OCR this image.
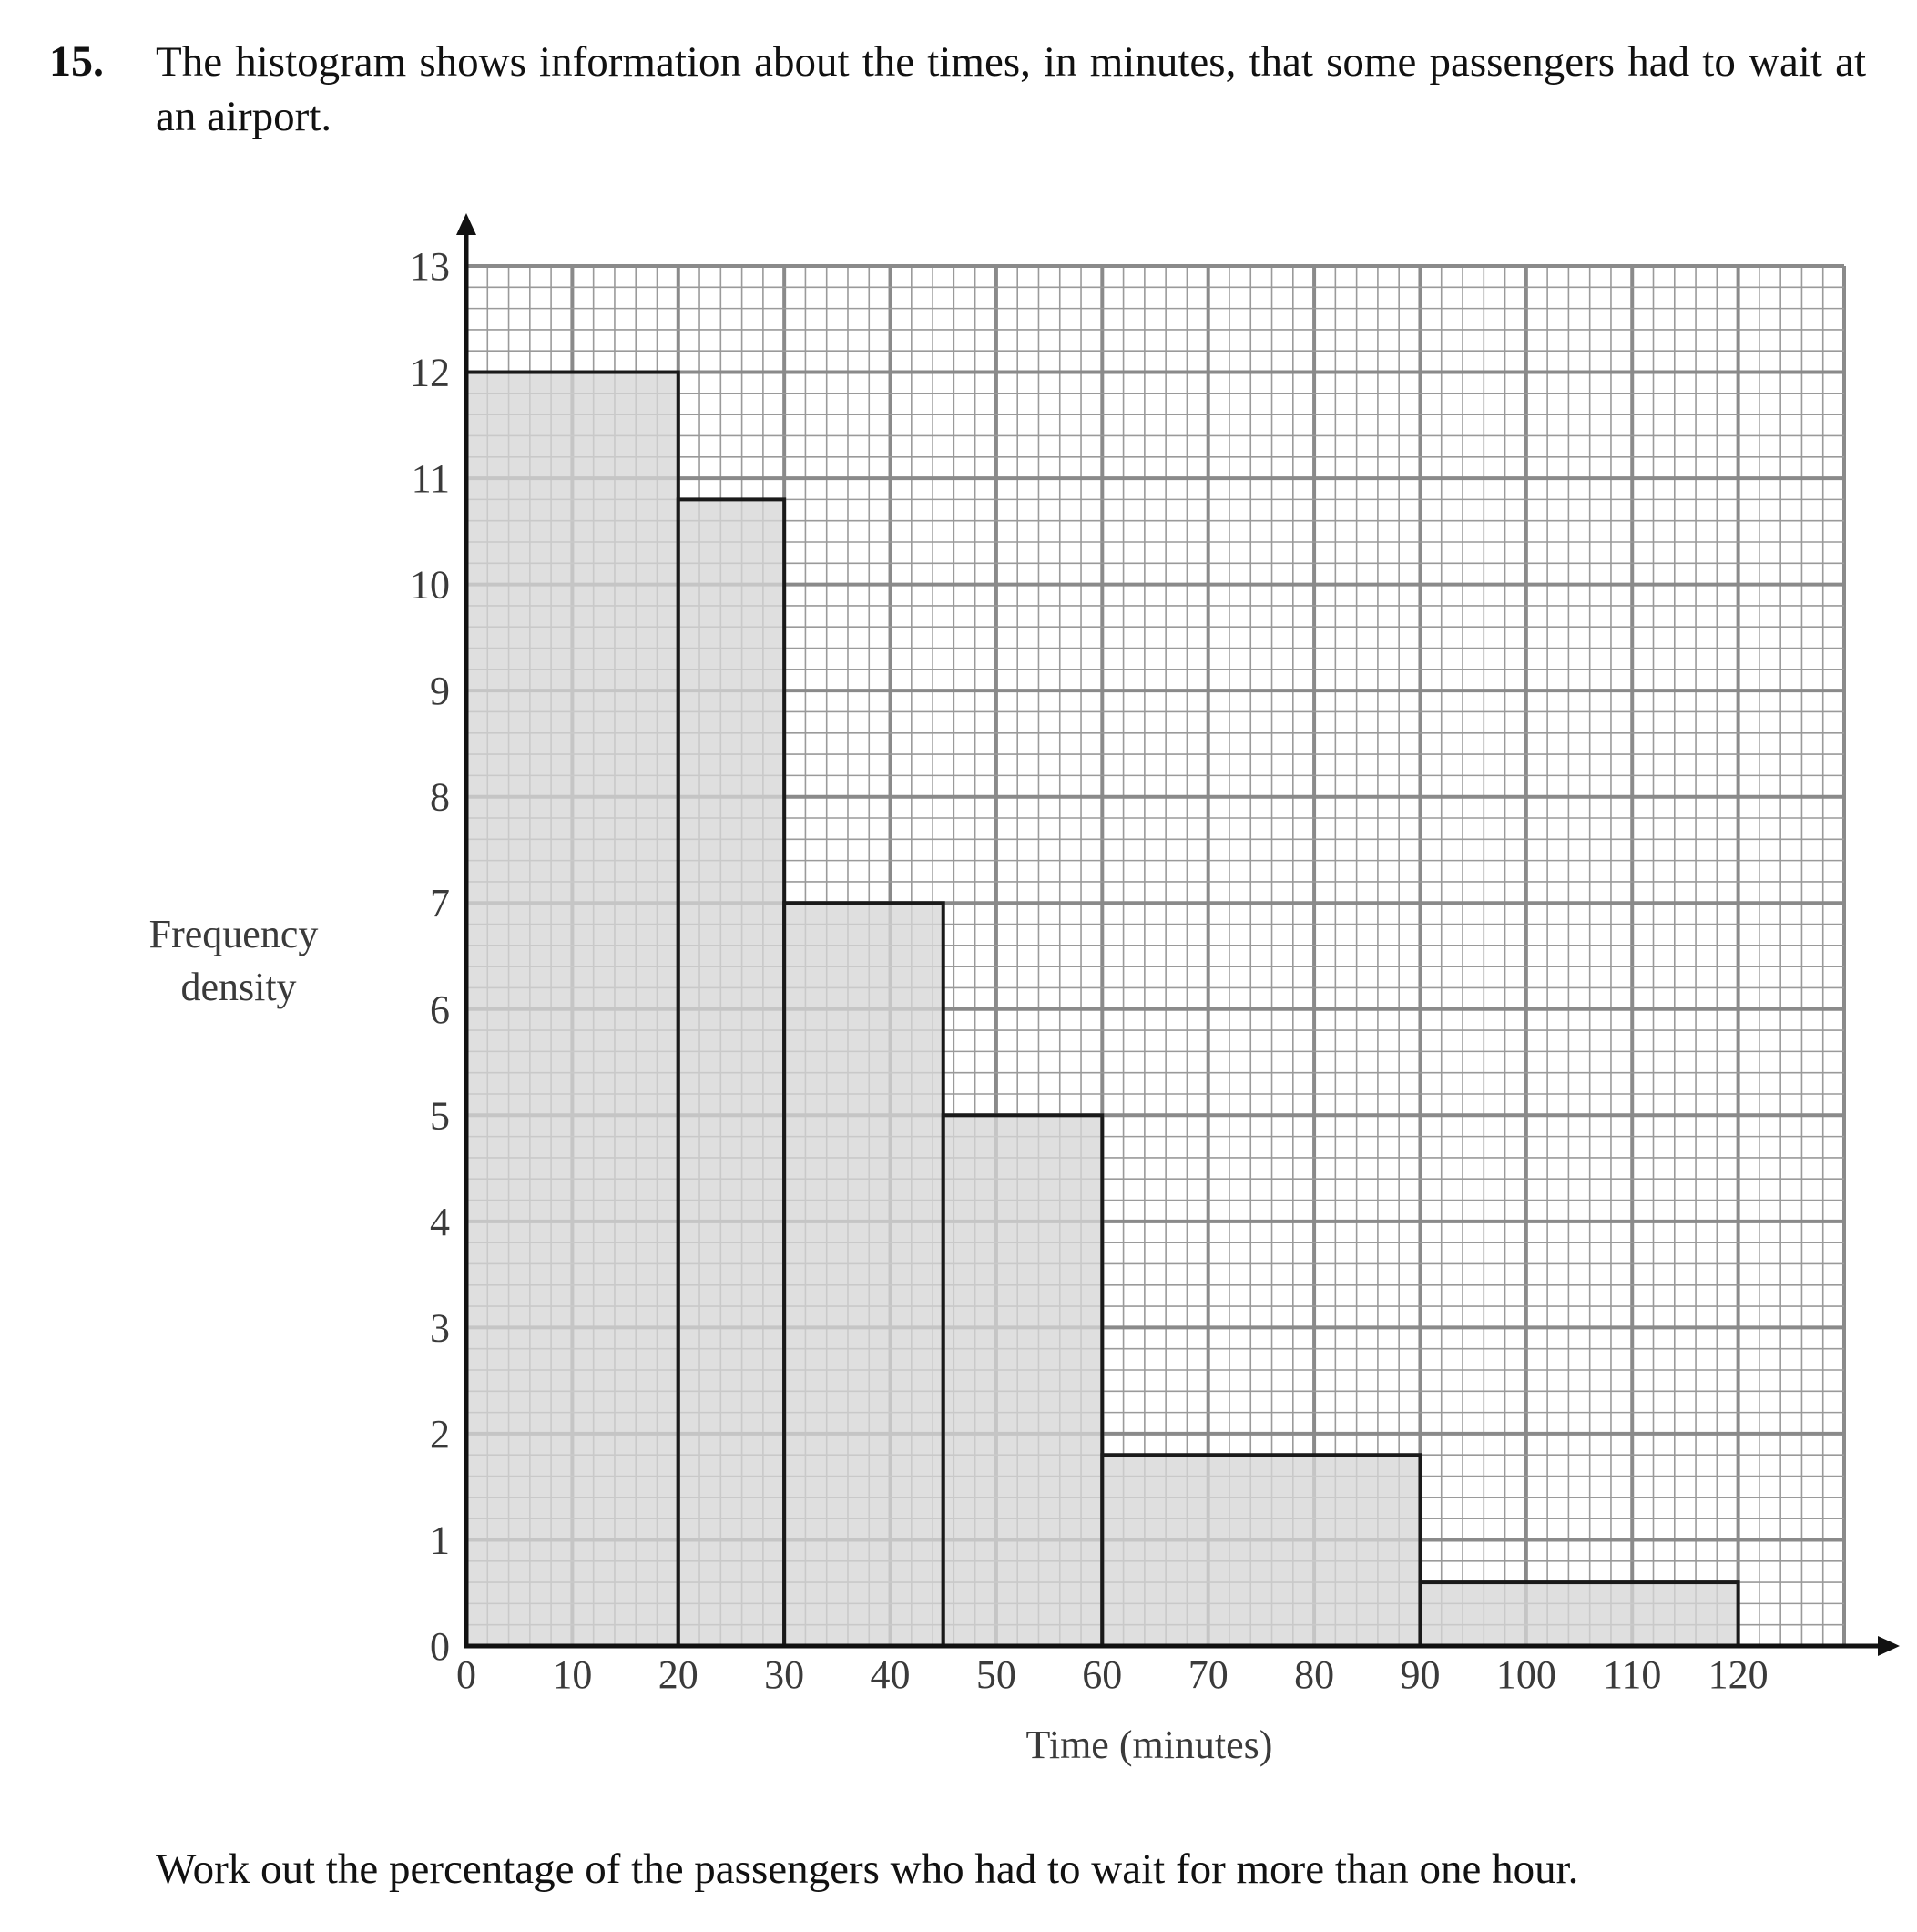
15. The histogram shows information about the times, in minutes, that some passengers had to wait at an airport.
0 10 20 30 40 50 60 70 80 90 100 110 120
0
1
2
3
4
5
6
7
8
9
10
11
12
13
Time (minutes)
Frequency density
Work out the percentage of the passengers who had to wait for more than one hour.
